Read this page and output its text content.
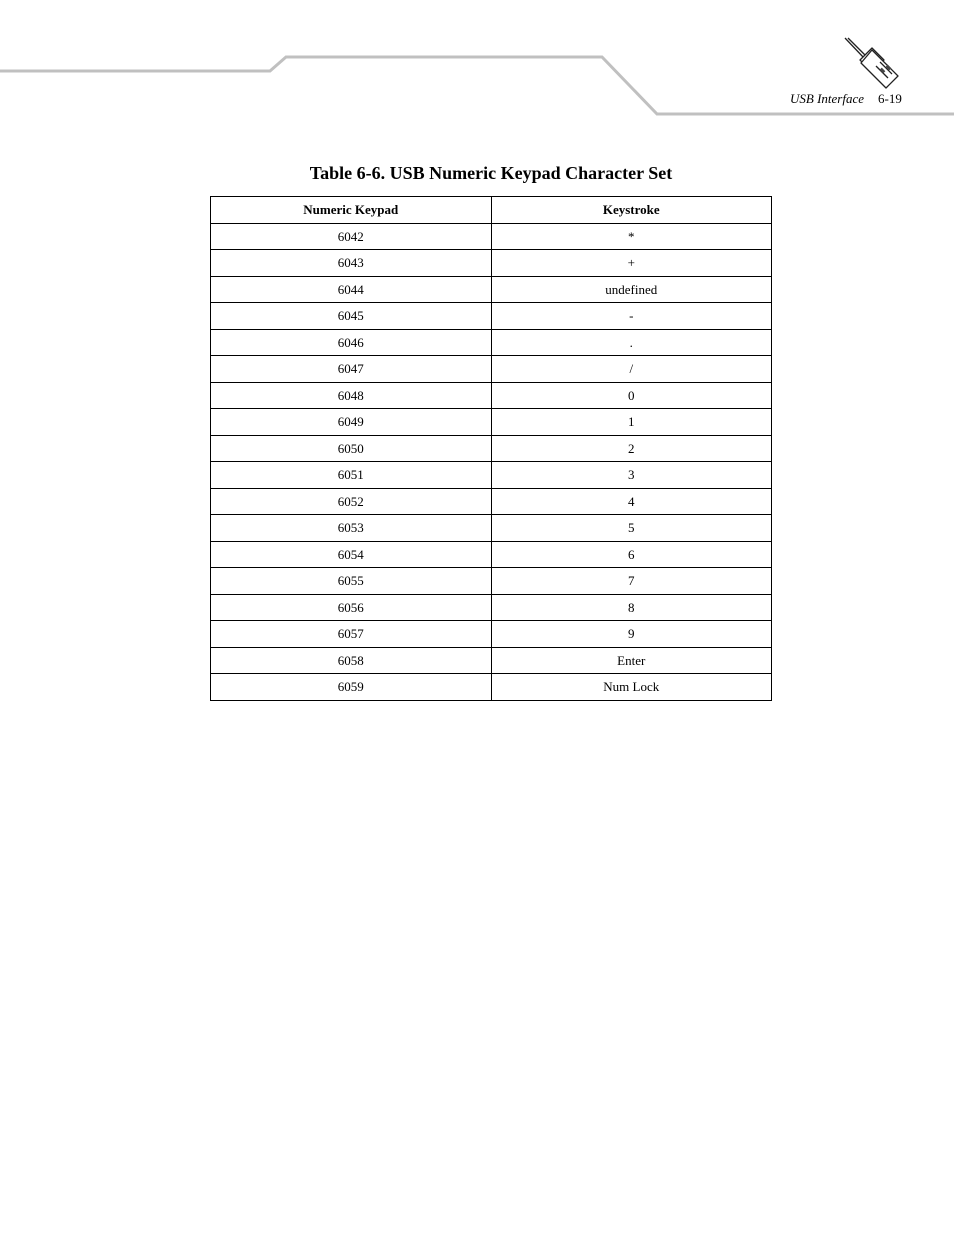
USB Interface 6-19
Table 6-6. USB Numeric Keypad Character Set
Numeric Keypad	Keystroke
6042	*
6043	+
6044	undefined
6045	-
6046	.
6047	/
6048	0
6049	1
6050	2
6051	3
6052	4
6053	5
6054	6
6055	7
6056	8
6057	9
6058	Enter
6059	Num Lock
